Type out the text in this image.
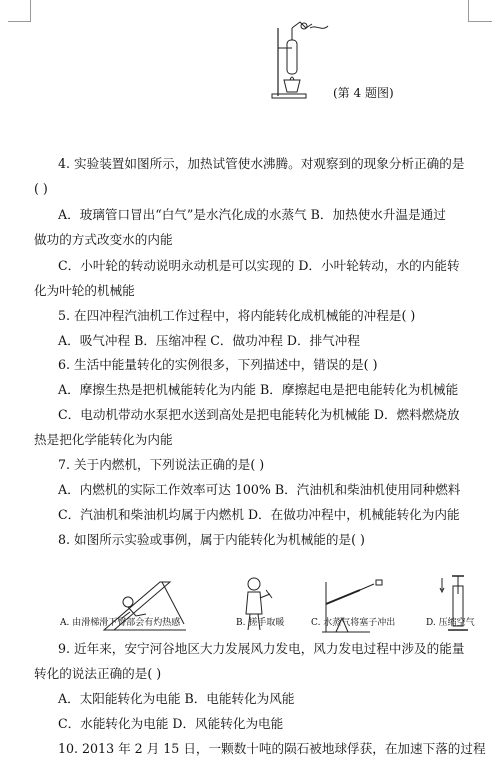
(第 4 题图)
4. 实验装置如图所示，加热试管使水沸腾。对观察到的现象分析正确的是
( )
A．玻璃管口冒出“白气”是水汽化成的水蒸气 B．加热使水升温是通过
做功的方式改变水的内能
C．小叶轮的转动说明永动机是可以实现的 D．小叶轮转动，水的内能转
化为叶轮的机械能
5. 在四冲程汽油机工作过程中，将内能转化成机械能的冲程是( )
A．吸气冲程 B．压缩冲程 C．做功冲程 D．排气冲程
6. 生活中能量转化的实例很多，下列描述中，错误的是( )
A．摩擦生热是把机械能转化为内能 B．摩擦起电是把电能转化为机械能
C．电动机带动水泵把水送到高处是把电能转化为机械能 D．燃料燃烧放
热是把化学能转化为内能
7. 关于内燃机，下列说法正确的是( )
A．内燃机的实际工作效率可达 100% B．汽油机和柴油机使用同种燃料
C．汽油机和柴油机均属于内燃机 D．在做功冲程中，机械能转化为内能
8. 如图所示实验或事例，属于内能转化为机械能的是( )
A. 由滑梯滑下臀部会有灼热感	B. 搓手取暖	C. 水蒸气将塞子冲出	D. 压缩空气
9. 近年来，安宁河谷地区大力发展风力发电，风力发电过程中涉及的能量
转化的说法正确的是( )
A．太阳能转化为电能 B．电能转化为风能
C．水能转化为电能 D．风能转化为电能
10. 2013 年 2 月 15 日，一颗数十吨的陨石被地球俘获，在加速下落的过程
